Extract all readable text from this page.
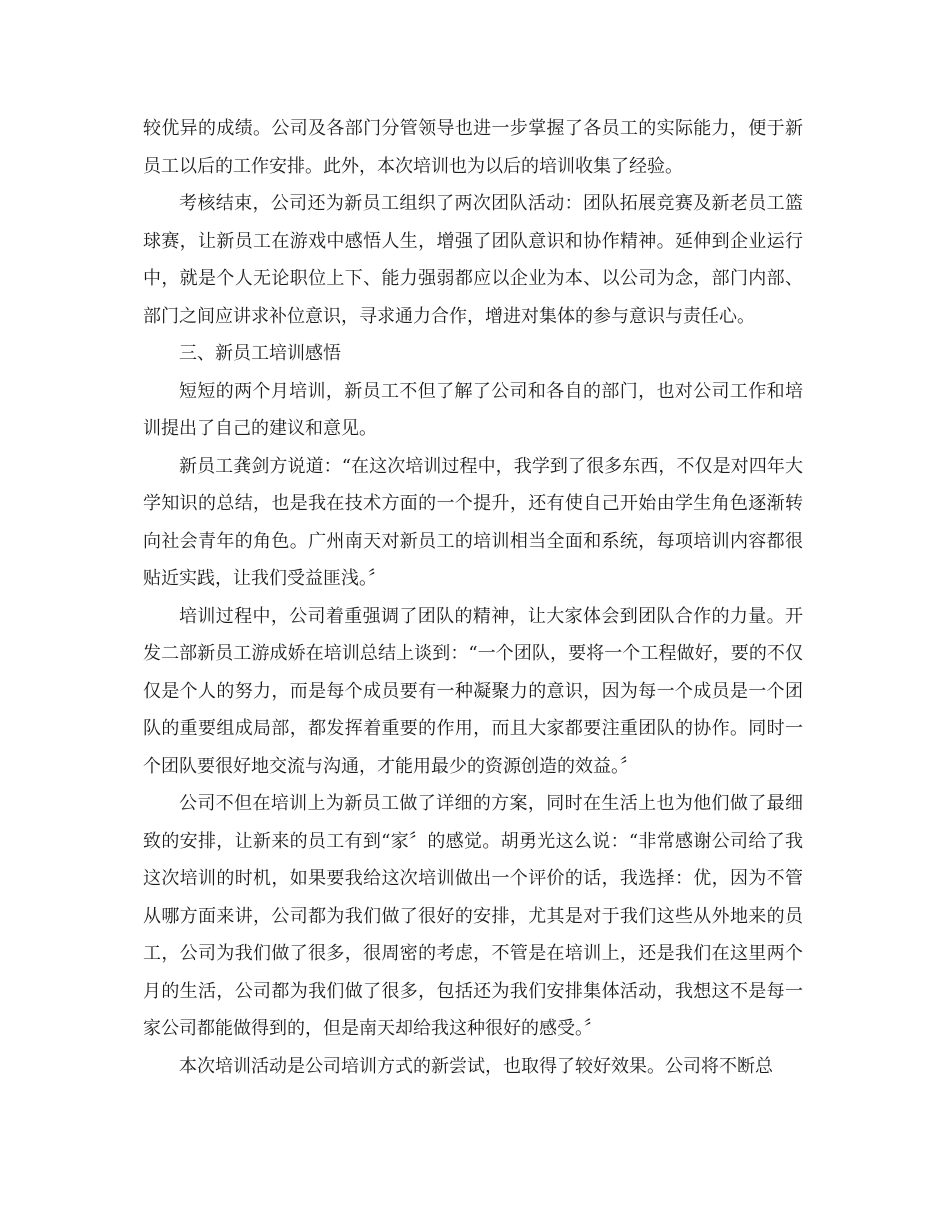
较优异的成绩。公司及各部门分管领导也进一步掌握了各员工的实际能力，便于新员工以后的工作安排。此外，本次培训也为以后的培训收集了经验。

考核结束，公司还为新员工组织了两次团队活动：团队拓展竞赛及新老员工篮球赛，让新员工在游戏中感悟人生，增强了团队意识和协作精神。延伸到企业运行中，就是个人无论职位上下、能力强弱都应以企业为本、以公司为念，部门内部、部门之间应讲求补位意识，寻求通力合作，增进对集体的参与意识与责任心。

三、新员工培训感悟

短短的两个月培训，新员工不但了解了公司和各自的部门，也对公司工作和培训提出了自己的建议和意见。

新员工龚剑方说道：“在这次培训过程中，我学到了很多东西，不仅是对四年大学知识的总结，也是我在技术方面的一个提升，还有使自己开始由学生角色逐渐转向社会青年的角色。广州南天对新员工的培训相当全面和系统，每项培训内容都很贴近实践，让我们受益匪浅。〞

培训过程中，公司着重强调了团队的精神，让大家体会到团队合作的力量。开发二部新员工游成娇在培训总结上谈到：“一个团队，要将一个工程做好，要的不仅仅是个人的努力，而是每个成员要有一种凝聚力的意识，因为每一个成员是一个团队的重要组成局部，都发挥着重要的作用，而且大家都要注重团队的协作。同时一个团队要很好地交流与沟通，才能用最少的资源创造的效益。〞

公司不但在培训上为新员工做了详细的方案，同时在生活上也为他们做了最细致的安排，让新来的员工有到“家〞的感觉。胡勇光这么说：“非常感谢公司给了我这次培训的时机，如果要我给这次培训做出一个评价的话，我选择：优，因为不管从哪方面来讲，公司都为我们做了很好的安排，尤其是对于我们这些从外地来的员工，公司为我们做了很多，很周密的考虑，不管是在培训上，还是我们在这里两个月的生活，公司都为我们做了很多，包括还为我们安排集体活动，我想这不是每一家公司都能做得到的，但是南天却给我这种很好的感受。〞

本次培训活动是公司培训方式的新尝试，也取得了较好效果。公司将不断总
